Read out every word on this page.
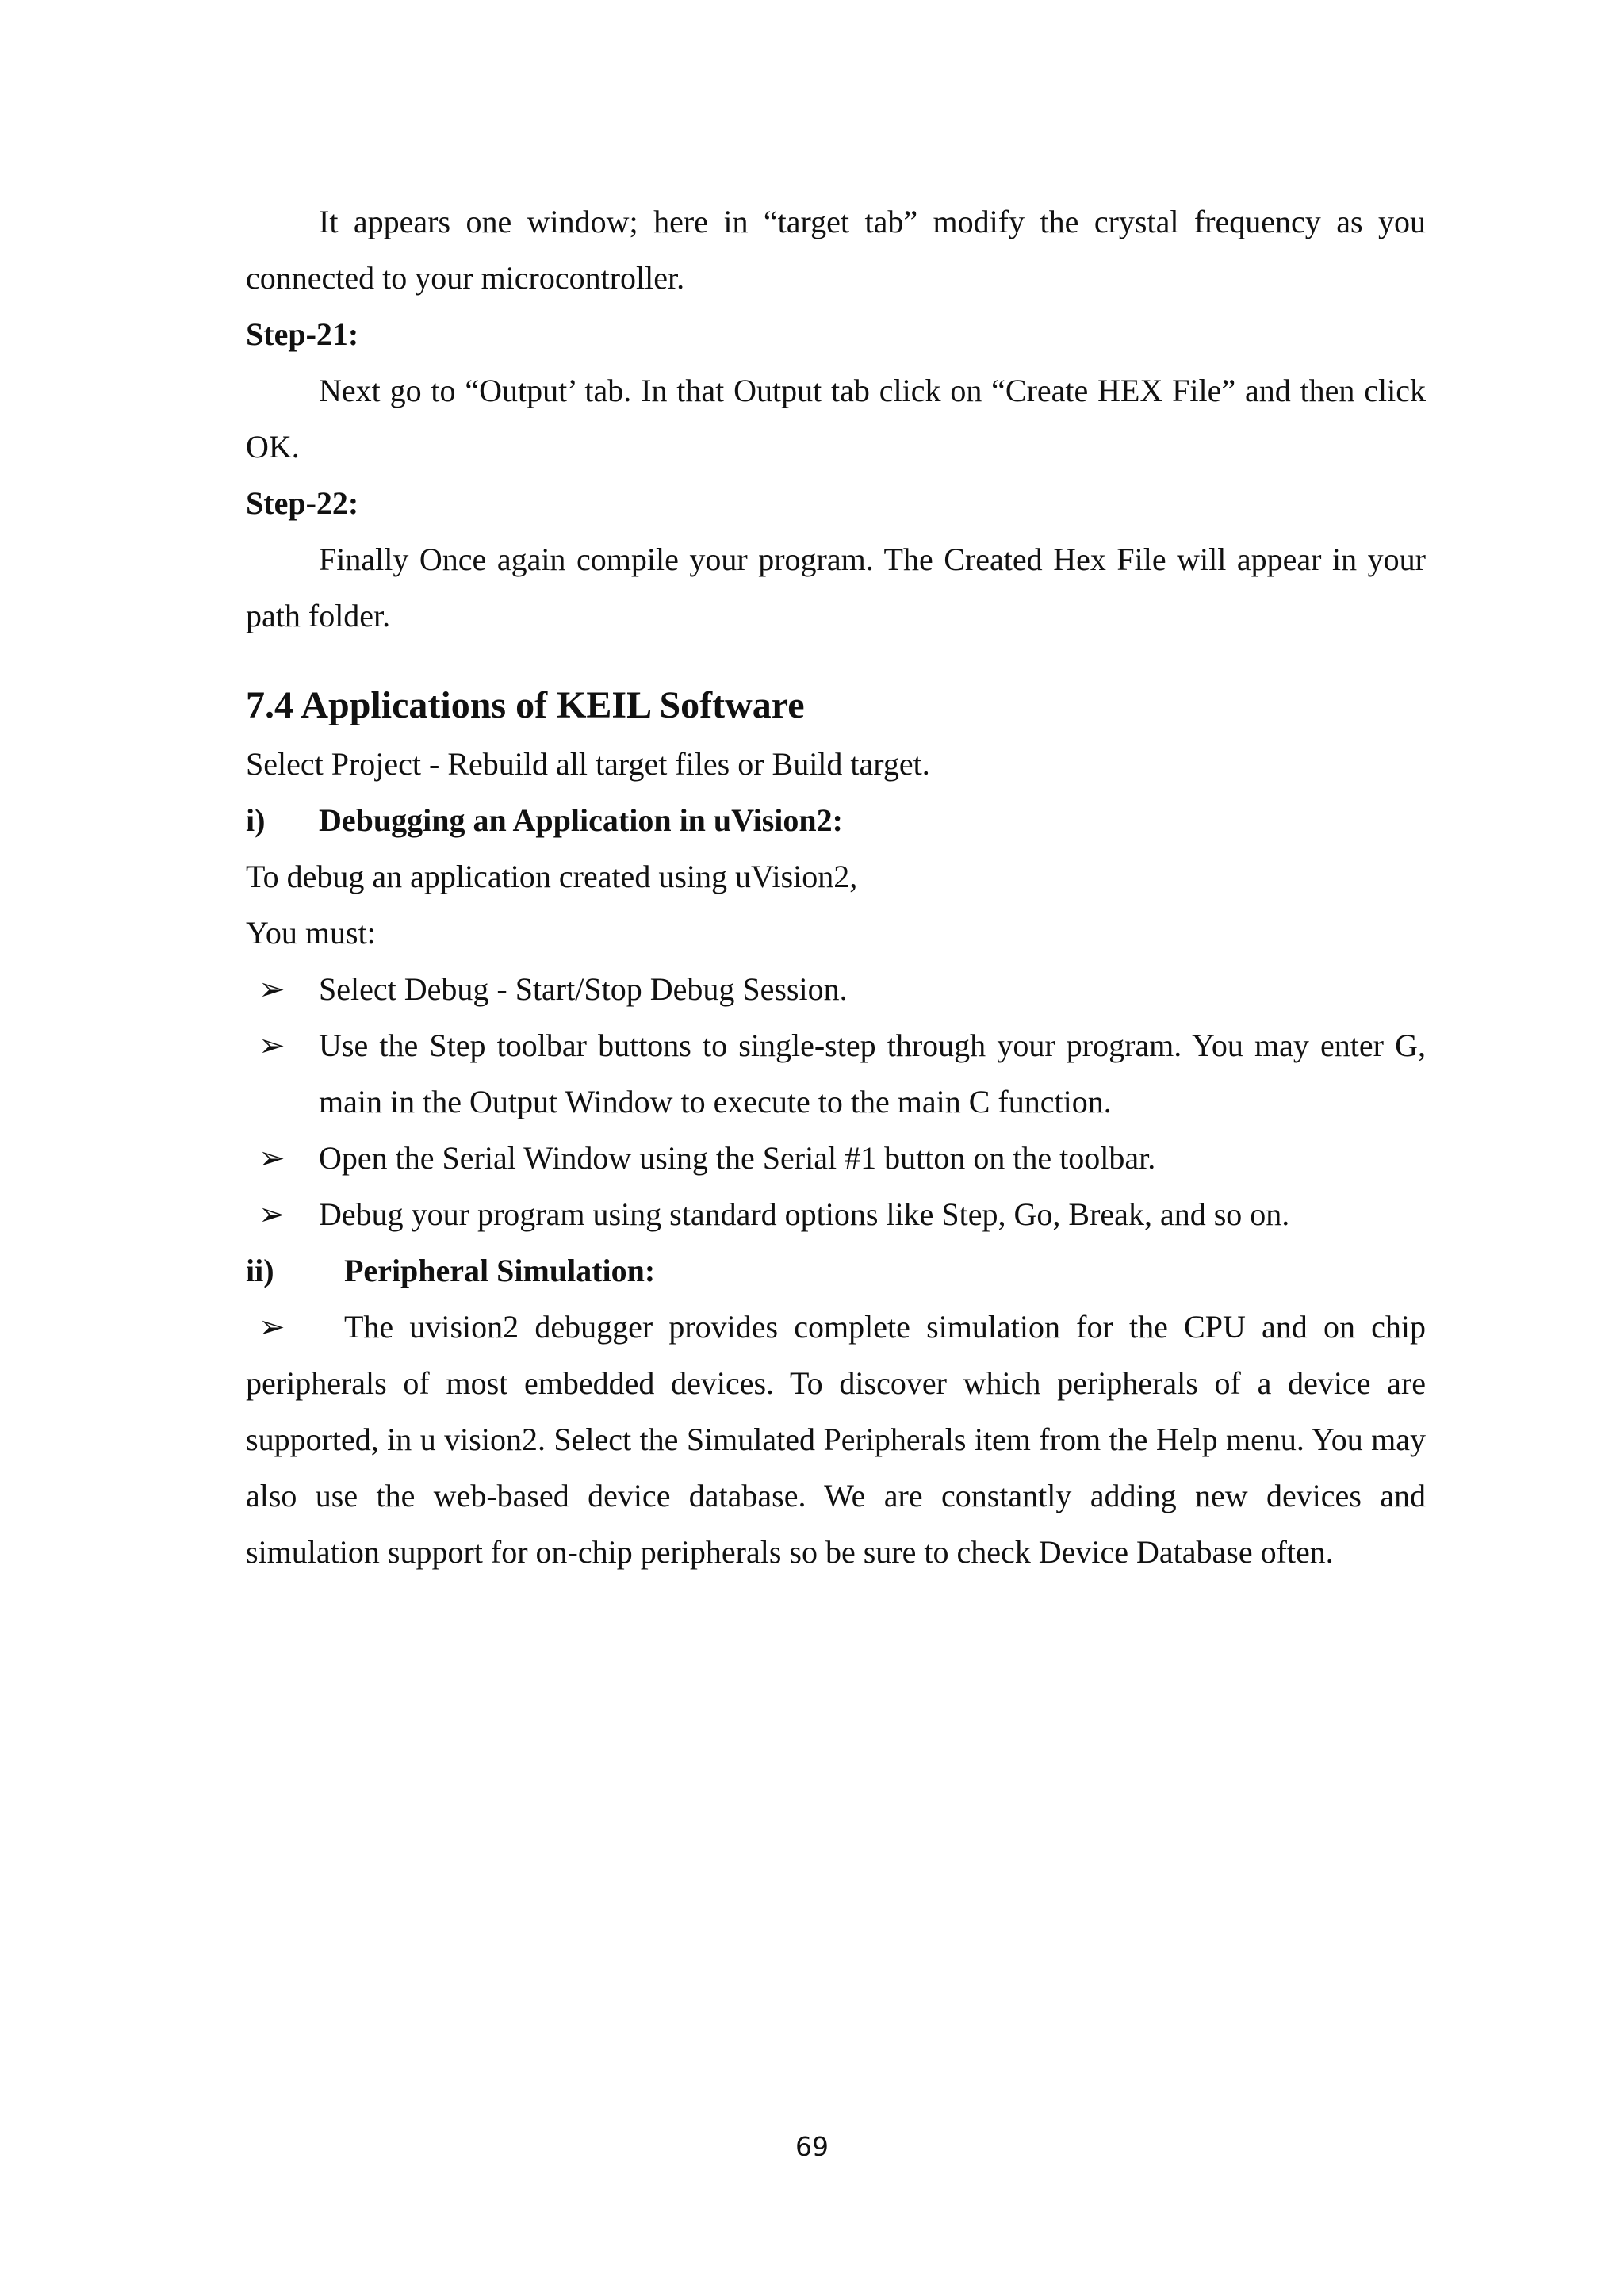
It appears one window; here in “target tab” modify the crystal frequency as you connected to your microcontroller.

Step-21:

Next go to “Output’ tab. In that Output tab click on “Create HEX File” and then click OK.

Step-22:

Finally Once again compile your program. The Created Hex File will appear in your path folder.

7.4 Applications of KEIL Software

Select Project - Rebuild all target files or Build target.

i)	Debugging an Application in uVision2:

To debug an application created using uVision2,

You must:

➢	Select Debug - Start/Stop Debug Session.
➢	Use the Step toolbar buttons to single-step through your program. You may enter G, main in the Output Window to execute to the main C function.
➢	Open the Serial Window using the Serial #1 button on the toolbar.
➢	Debug your program using standard options like Step, Go, Break, and so on.
ii)	Peripheral Simulation:

➢ The uvision2 debugger provides complete simulation for the CPU and on chip peripherals of most embedded devices. To discover which peripherals of a device are supported, in u vision2. Select the Simulated Peripherals item from the Help menu. You may also use the web-based device database. We are constantly adding new devices and simulation support for on-chip peripherals so be sure to check Device Database often.

69
